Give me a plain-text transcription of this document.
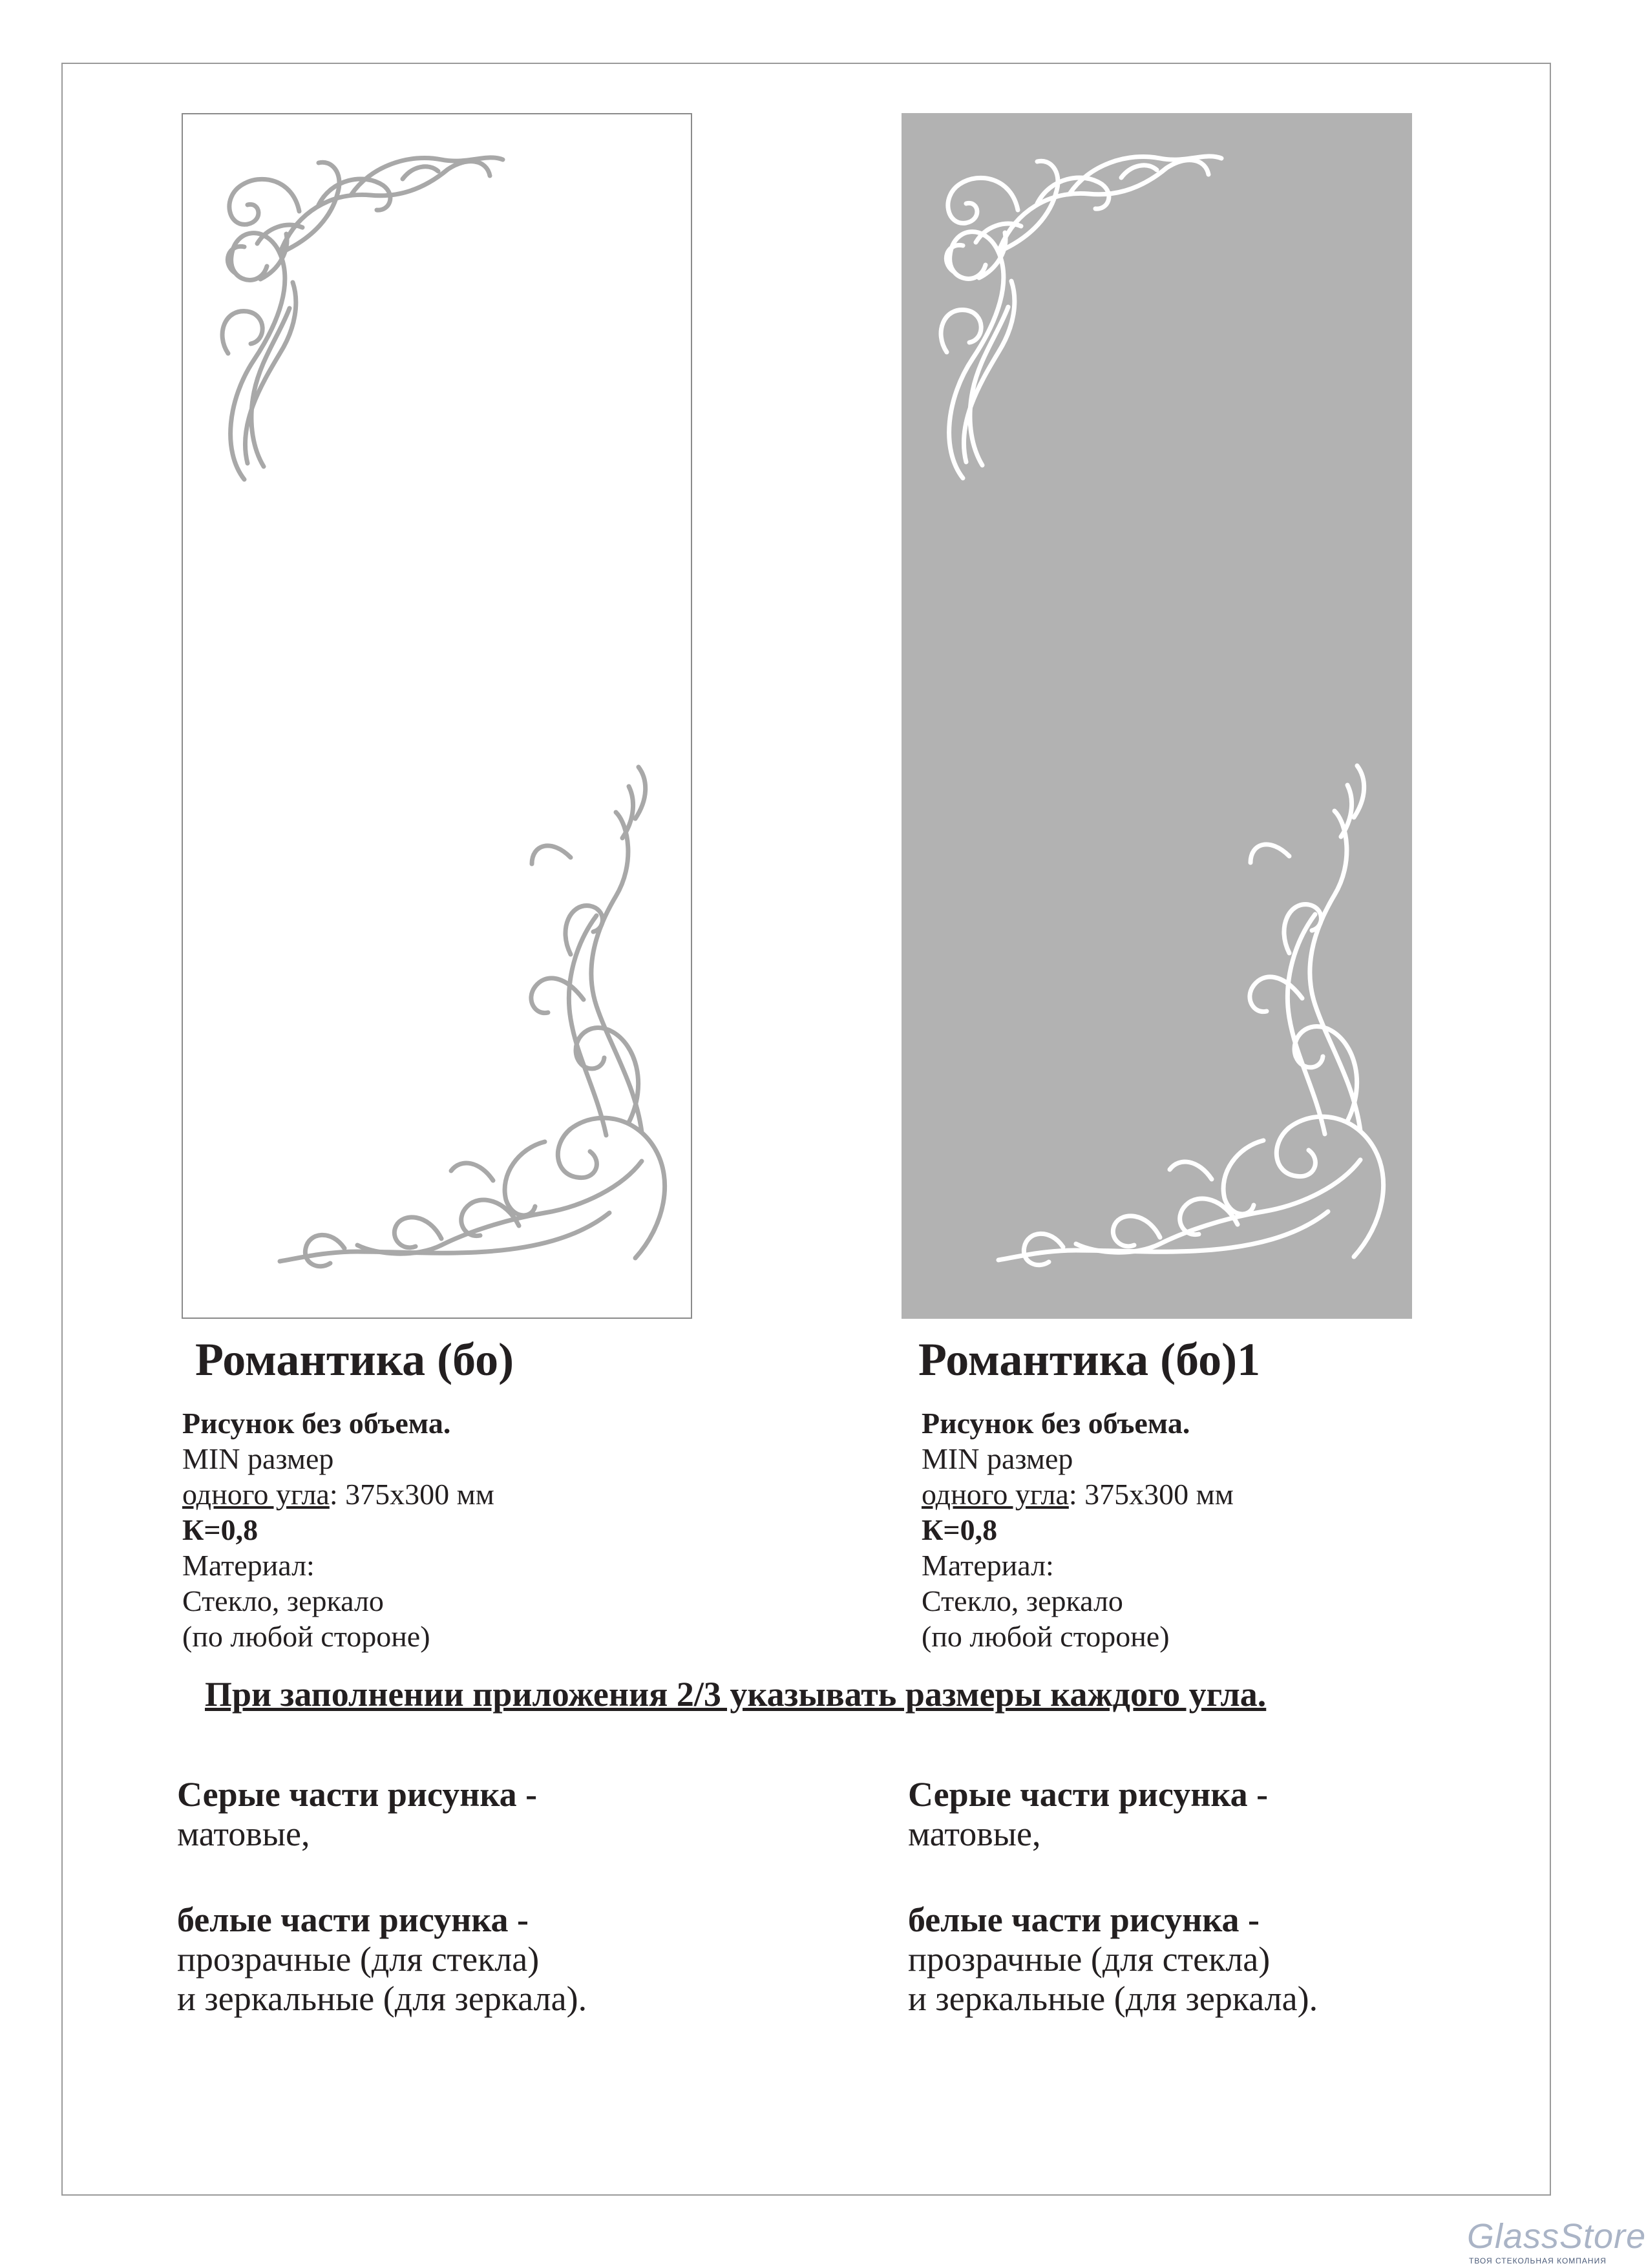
Романтика (бо)	Романтика (бо)1
Рисунок без объема.
MIN размер
одного угла: 375х300 мм
К=0,8
Материал:
Стекло, зеркало
(по любой стороне)
Рисунок без объема.
MIN размер
одного угла: 375х300 мм
К=0,8
Материал:
Стекло, зеркало
(по любой стороне)
При заполнении приложения 2/3 указывать размеры каждого угла.
Серые части рисунка -
матовые,
белые части рисунка -
прозрачные (для стекла)
и зеркальные (для зеркала).
Серые части рисунка -
матовые,
белые части рисунка -
прозрачные (для стекла)
и зеркальные (для зеркала).
GlassStore
ТВОЯ СТЕКОЛЬНАЯ КОМПАНИЯ
